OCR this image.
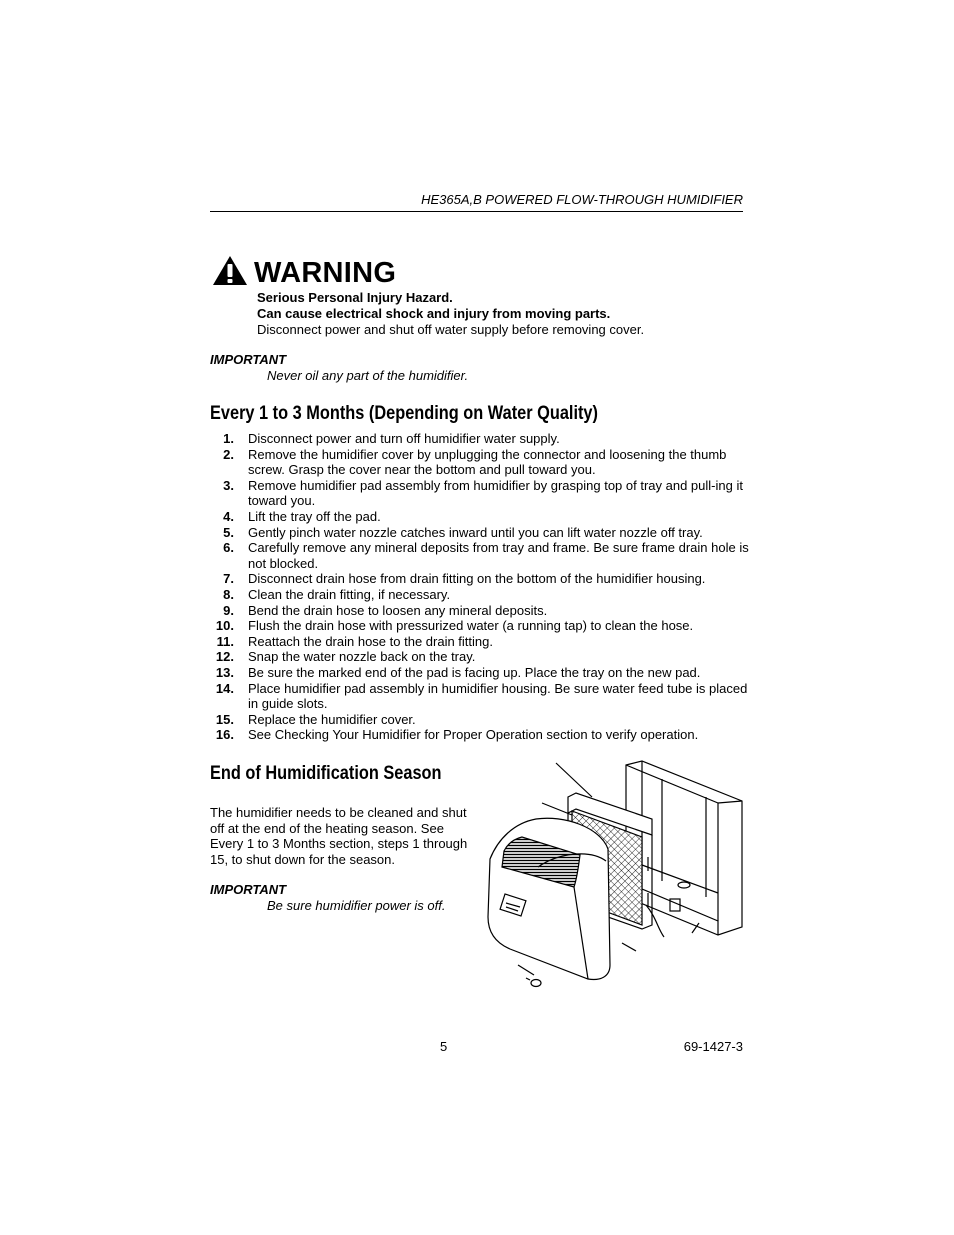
HE365A,B POWERED FLOW-THROUGH HUMIDIFIER
WARNING
Serious Personal Injury Hazard.
Can cause electrical shock and injury from moving parts.
Disconnect power and shut off water supply before removing cover.
IMPORTANT
Never oil any part of the humidifier.
Every 1 to 3 Months (Depending on Water Quality)
1. Disconnect power and turn off humidifier water supply.
2. Remove the humidifier cover by unplugging the connector and loosening the thumb screw. Grasp the cover near the bottom and pull toward you.
3. Remove humidifier pad assembly from humidifier by grasping top of tray and pull-ing it toward you.
4. Lift the tray off the pad.
5. Gently pinch water nozzle catches inward until you can lift water nozzle off tray.
6. Carefully remove any mineral deposits from tray and frame. Be sure frame drain hole is not blocked.
7. Disconnect drain hose from drain fitting on the bottom of the humidifier housing.
8. Clean the drain fitting, if necessary.
9. Bend the drain hose to loosen any mineral deposits.
10. Flush the drain hose with pressurized water (a running tap) to clean the hose.
11. Reattach the drain hose to the drain fitting.
12. Snap the water nozzle back on the tray.
13. Be sure the marked end of the pad is facing up. Place the tray on the new pad.
14. Place humidifier pad assembly in humidifier housing. Be sure water feed tube is placed in guide slots.
15. Replace the humidifier cover.
16. See Checking Your Humidifier for Proper Operation section to verify operation.
End of Humidification Season
The humidifier needs to be cleaned and shut off at the end of the heating season. See Every 1 to 3 Months section, steps 1 through 15, to shut down for the season.
IMPORTANT
Be sure humidifier power is off.
5	69-1427-3
